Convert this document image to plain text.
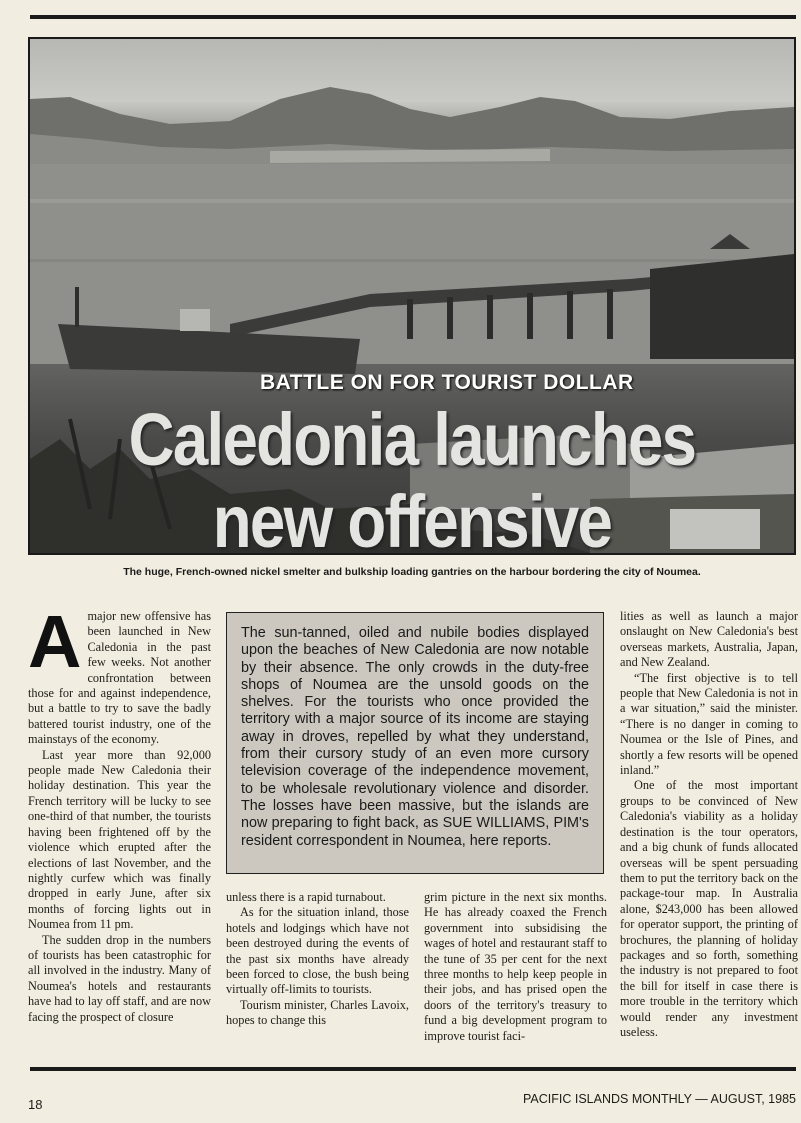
BATTLE ON FOR TOURIST DOLLAR
Caledonia launches
new offensive
The huge, French-owned nickel smelter and bulkship loading gantries on the harbour bordering the city of Noumea.
A major new offensive has been launched in New Caledonia in the past few weeks. Not another confrontation between those for and against independence, but a battle to try to save the badly battered tourist industry, one of the mainstays of the economy.

Last year more than 92,000 people made New Caledonia their holiday destination. This year the French territory will be lucky to see one-third of that number, the tourists having been frightened off by the violence which erupted after the elections of last November, and the nightly curfew which was finally dropped in early June, after six months of forcing lights out in Noumea from 11 pm.

The sudden drop in the numbers of tourists has been catastrophic for all involved in the industry. Many of Noumea's hotels and restaurants have had to lay off staff, and are now facing the prospect of closure

The sun-tanned, oiled and nubile bodies displayed upon the beaches of New Caledonia are now notable by their absence. The only crowds in the duty-free shops of Noumea are the unsold goods on the shelves. For the tourists who once provided the territory with a major source of its income are staying away in droves, repelled by what they understand, from their cursory study of an even more cursory television coverage of the independence movement, to be wholesale revolutionary violence and disorder. The losses have been massive, but the islands are now preparing to fight back, as SUE WILLIAMS, PIM's resident correspondent in Noumea, here reports.

unless there is a rapid turnabout.

As for the situation inland, those hotels and lodgings which have not been destroyed during the events of the past six months have already been forced to close, the bush being virtually off-limits to tourists.

Tourism minister, Charles Lavoix, hopes to change this

grim picture in the next six months. He has already coaxed the French government into subsidising the wages of hotel and restaurant staff to the tune of 35 per cent for the next three months to help keep people in their jobs, and has prised open the doors of the territory's treasury to fund a big development program to improve tourist faci-

lities as well as launch a major onslaught on New Caledonia's best overseas markets, Australia, Japan, and New Zealand.

“The first objective is to tell people that New Caledonia is not in a war situation,” said the minister. “There is no danger in coming to Noumea or the Isle of Pines, and shortly a few resorts will be opened inland.”

One of the most important groups to be convinced of New Caledonia's viability as a holiday destination is the tour operators, and a big chunk of funds allocated overseas will be spent persuading them to put the territory back on the package-tour map. In Australia alone, $243,000 has been allowed for operator support, the printing of brochures, the planning of holiday packages and so forth, something the industry is not prepared to foot the bill for itself in case there is more trouble in the territory which would render any investment useless.

18	PACIFIC ISLANDS MONTHLY — AUGUST, 1985
